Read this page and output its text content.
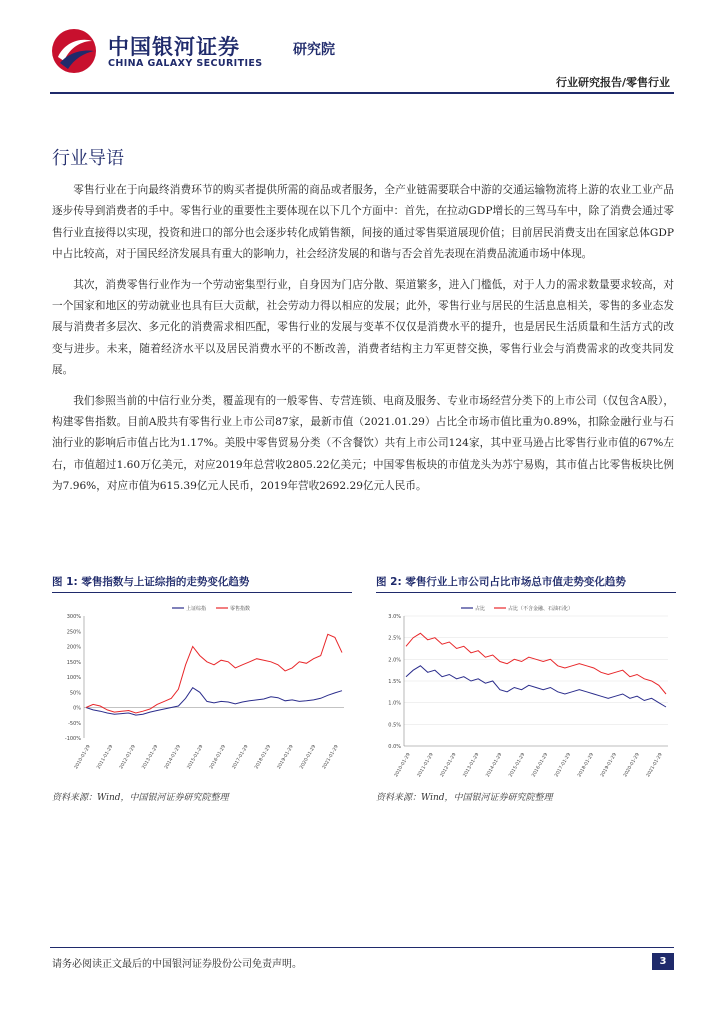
中国银河证券
CHINA GALAXY SECURITIES
研究院
行业研究报告/零售行业
行业导语

零售行业在于向最终消费环节的购买者提供所需的商品或者服务，全产业链需要联合中游的交通运输物流将上游的农业工业产品逐步传导到消费者的手中。零售行业的重要性主要体现在以下几个方面中：首先，在拉动GDP增长的三驾马车中，除了消费会通过零售行业直接得以实现，投资和进口的部分也会逐步转化成销售额，间接的通过零售渠道展现价值；目前居民消费支出在国家总体GDP中占比较高，对于国民经济发展具有重大的影响力，社会经济发展的和谐与否会首先表现在消费品流通市场中体现。

其次，消费零售行业作为一个劳动密集型行业，自身因为门店分散、渠道繁多，进入门槛低，对于人力的需求数量要求较高，对一个国家和地区的劳动就业也具有巨大贡献，社会劳动力得以相应的发展；此外，零售行业与居民的生活息息相关，零售的多业态发展与消费者多层次、多元化的消费需求相匹配，零售行业的发展与变革不仅仅是消费水平的提升，也是居民生活质量和生活方式的改变与进步。未来，随着经济水平以及居民消费水平的不断改善，消费者结构主力军更替交换，零售行业会与消费需求的改变共同发展。

我们参照当前的中信行业分类，覆盖现有的一般零售、专营连锁、电商及服务、专业市场经营分类下的上市公司（仅包含A股），构建零售指数。目前A股共有零售行业上市公司87家，最新市值（2021.01.29）占比全市场市值比重为0.89%，扣除金融行业与石油行业的影响后市值占比为1.17%。美股中零售贸易分类（不含餐饮）共有上市公司124家，其中亚马逊占比零售行业市值的67%左右，市值超过1.60万亿美元，对应2019年总营收2805.22亿美元；中国零售板块的市值龙头为苏宁易购，其市值占比零售板块比例为7.96%，对应市值为615.39亿元人民币，2019年营收2692.29亿元人民币。

图 1: 零售指数与上证综指的走势变化趋势
300%
250%
200%
150%
100%
50%
0%
-50%
-100%
2010-01-29 2011-01-29 2012-01-29 2013-01-29 2014-01-29 2015-01-29 2016-01-29 2017-01-29 2018-01-29 2019-01-29 2020-01-29 2021-01-29
上证综指	零售指数
资料来源：Wind，中国银河证券研究院整理
图 2: 零售行业上市公司占比市场总市值走势变化趋势
3.0%
2.5%
2.0%
1.5%
1.0%
0.5%
0.0%
2010-01-29 2011-01-29 2012-01-29 2013-01-29 2014-01-29 2015-01-29 2016-01-29 2017-01-29 2018-01-29 2019-01-29 2020-01-29 2021-01-29
占比	占比（不含金融、石油石化）
资料来源：Wind，中国银河证券研究院整理
请务必阅读正文最后的中国银河证券股份公司免责声明。	3
